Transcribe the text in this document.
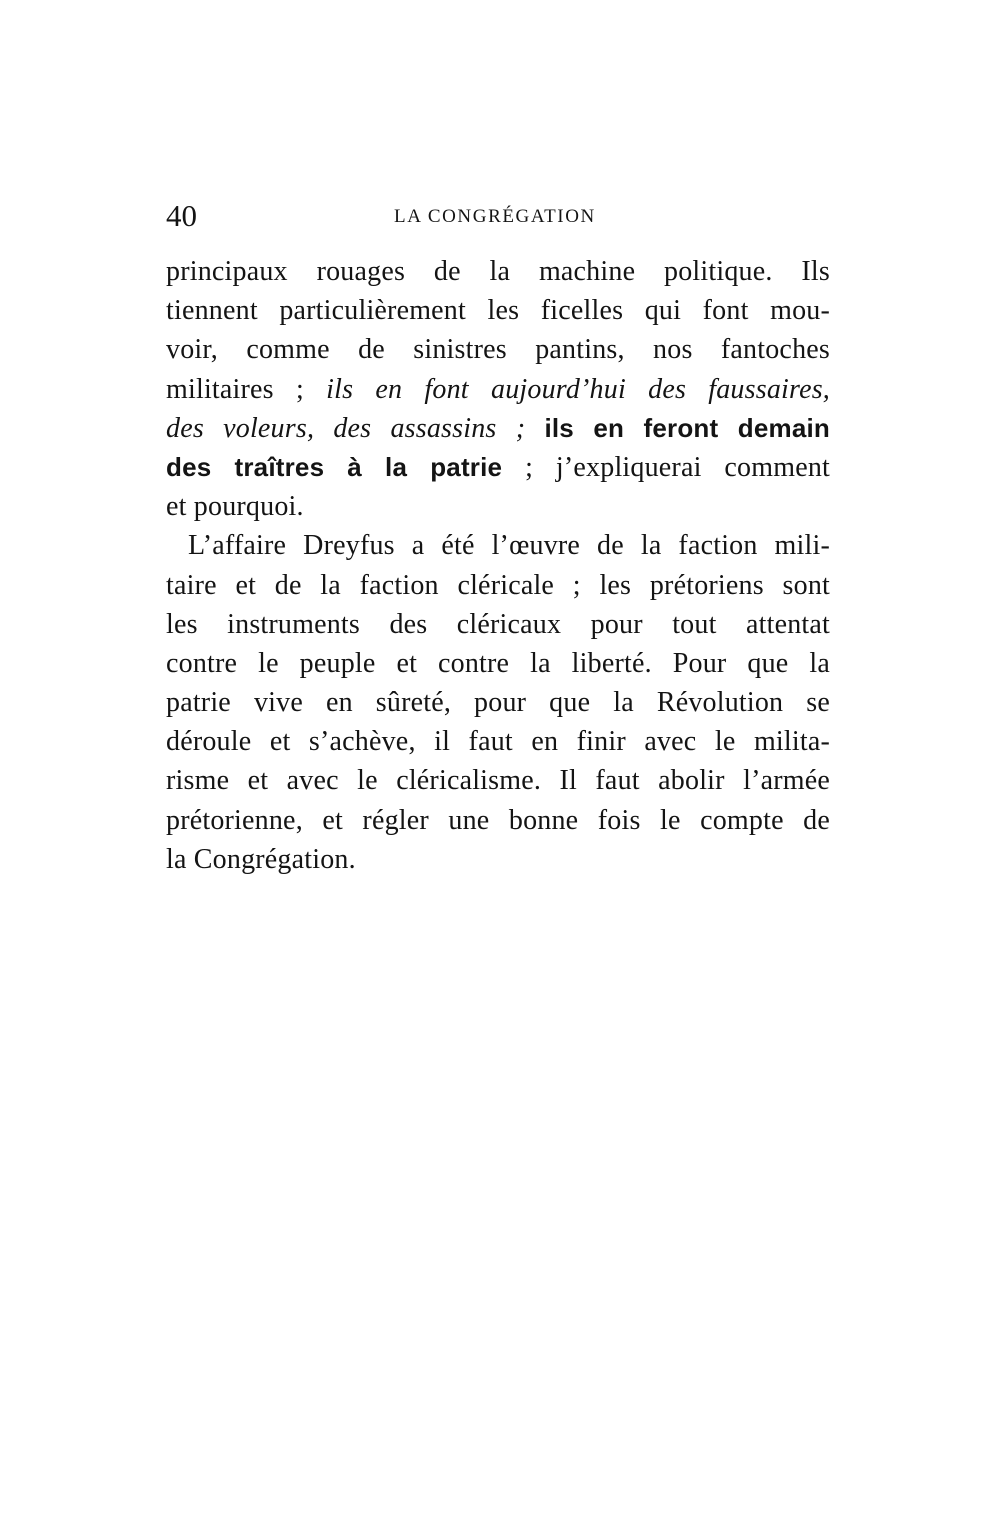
40	LA CONGRÉGATION
principaux rouages de la machine politique. Ils
tiennent particulièrement les ficelles qui font mou-
voir, comme de sinistres pantins, nos fantoches
militaires ; ils en font aujourd’hui des faussaires,
des voleurs, des assassins ; ils en feront demain
des traîtres à la patrie ; j’expliquerai comment
et pourquoi.
L’affaire Dreyfus a été l’œuvre de la faction mili-
taire et de la faction cléricale ; les prétoriens sont
les instruments des cléricaux pour tout attentat
contre le peuple et contre la liberté. Pour que la
patrie vive en sûreté, pour que la Révolution se
déroule et s’achève, il faut en finir avec le milita-
risme et avec le cléricalisme. Il faut abolir l’armée
prétorienne, et régler une bonne fois le compte de
la Congrégation.
